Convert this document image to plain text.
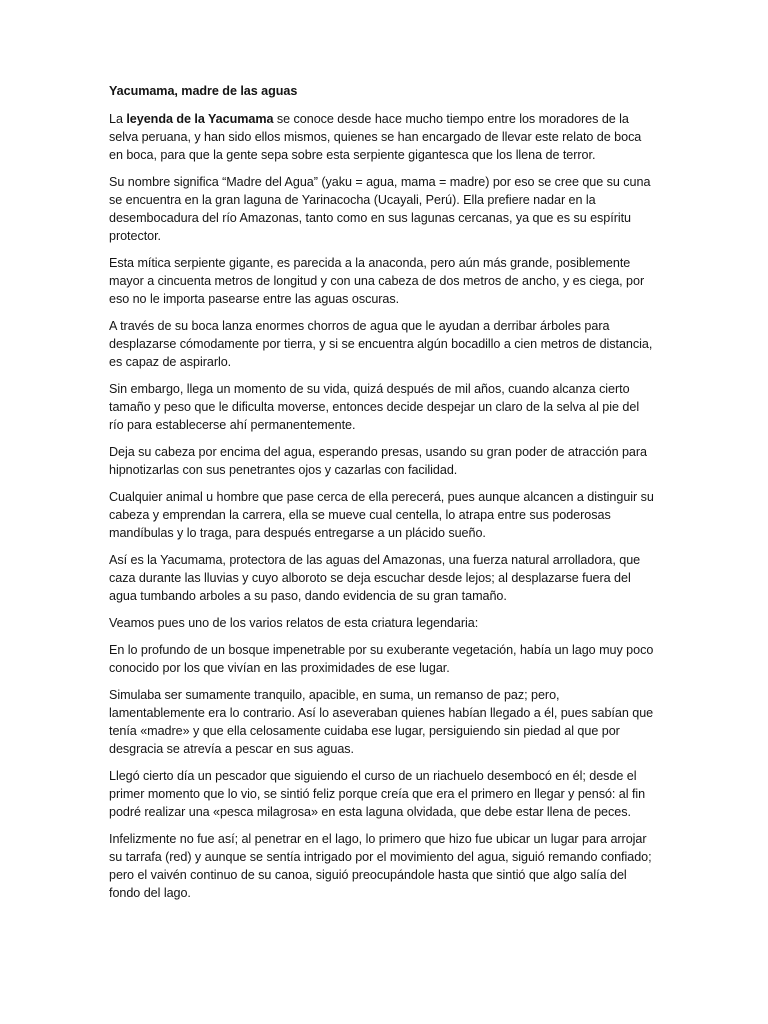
Yacumama, madre de las aguas

La leyenda de la Yacumama se conoce desde hace mucho tiempo entre los moradores de la selva peruana, y han sido ellos mismos, quienes se han encargado de llevar este relato de boca en boca, para que la gente sepa sobre esta serpiente gigantesca que los llena de terror.

Su nombre significa “Madre del Agua” (yaku = agua, mama = madre) por eso se cree que su cuna se encuentra en la gran laguna de Yarinacocha (Ucayali, Perú). Ella prefiere nadar en la desembocadura del río Amazonas, tanto como en sus lagunas cercanas, ya que es su espíritu protector.

Esta mítica serpiente gigante, es parecida a la anaconda, pero aún más grande, posiblemente mayor a cincuenta metros de longitud y con una cabeza de dos metros de ancho, y es ciega, por eso no le importa pasearse entre las aguas oscuras.

A través de su boca lanza enormes chorros de agua que le ayudan a derribar árboles para desplazarse cómodamente por tierra, y si se encuentra algún bocadillo a cien metros de distancia, es capaz de aspirarlo.

Sin embargo, llega un momento de su vida, quizá después de mil años, cuando alcanza cierto tamaño y peso que le dificulta moverse, entonces decide despejar un claro de la selva al pie del río para establecerse ahí permanentemente.

Deja su cabeza por encima del agua, esperando presas, usando su gran poder de atracción para hipnotizarlas con sus penetrantes ojos y cazarlas con facilidad.

Cualquier animal u hombre que pase cerca de ella perecerá, pues aunque alcancen a distinguir su cabeza y emprendan la carrera, ella se mueve cual centella, lo atrapa entre sus poderosas mandíbulas y lo traga, para después entregarse a un plácido sueño.

Así es la Yacumama, protectora de las aguas del Amazonas, una fuerza natural arrolladora, que caza durante las lluvias y cuyo alboroto se deja escuchar desde lejos; al desplazarse fuera del agua tumbando arboles a su paso, dando evidencia de su gran tamaño.

Veamos pues uno de los varios relatos de esta criatura legendaria:

En lo profundo de un bosque impenetrable por su exuberante vegetación, había un lago muy poco conocido por los que vivían en las proximidades de ese lugar.

Simulaba ser sumamente tranquilo, apacible, en suma, un remanso de paz; pero, lamentablemente era lo contrario. Así lo aseveraban quienes habían llegado a él, pues sabían que tenía «madre» y que ella celosamente cuidaba ese lugar, persiguiendo sin piedad al que por desgracia se atrevía a pescar en sus aguas.

Llegó cierto día un pescador que siguiendo el curso de un riachuelo desembocó en él; desde el primer momento que lo vio, se sintió feliz porque creía que era el primero en llegar y pensó: al fin podré realizar una «pesca milagrosa» en esta laguna olvidada, que debe estar llena de peces.

Infelizmente no fue así; al penetrar en el lago, lo primero que hizo fue ubicar un lugar para arrojar su tarrafa (red) y aunque se sentía intrigado por el movimiento del agua, siguió remando confiado; pero el vaivén continuo de su canoa, siguió preocupándole hasta que sintió que algo salía del fondo del lago.
